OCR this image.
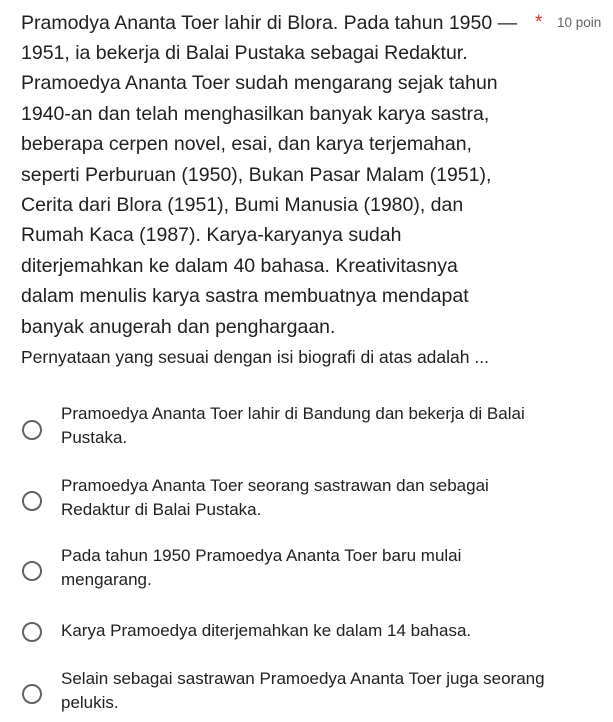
Pramodya Ananta Toer lahir di Blora. Pada tahun 1950 — * 10 poin
1951, ia bekerja di Balai Pustaka sebagai Redaktur.
Pramoedya Ananta Toer sudah mengarang sejak tahun
1940-an dan telah menghasilkan banyak karya sastra,
beberapa cerpen novel, esai, dan karya terjemahan,
seperti Perburuan (1950), Bukan Pasar Malam (1951),
Cerita dari Blora (1951), Bumi Manusia (1980), dan
Rumah Kaca (1987). Karya-karyanya sudah
diterjemahkan ke dalam 40 bahasa. Kreativitasnya
dalam menulis karya sastra membuatnya mendapat
banyak anugerah dan penghargaan.
Pernyataan yang sesuai dengan isi biografi di atas adalah ...
Pramoedya Ananta Toer lahir di Bandung dan bekerja di Balai
Pustaka.
Pramoedya Ananta Toer seorang sastrawan dan sebagai
Redaktur di Balai Pustaka.
Pada tahun 1950 Pramoedya Ananta Toer baru mulai
mengarang.
Karya Pramoedya diterjemahkan ke dalam 14 bahasa.
Selain sebagai sastrawan Pramoedya Ananta Toer juga seorang
pelukis.
